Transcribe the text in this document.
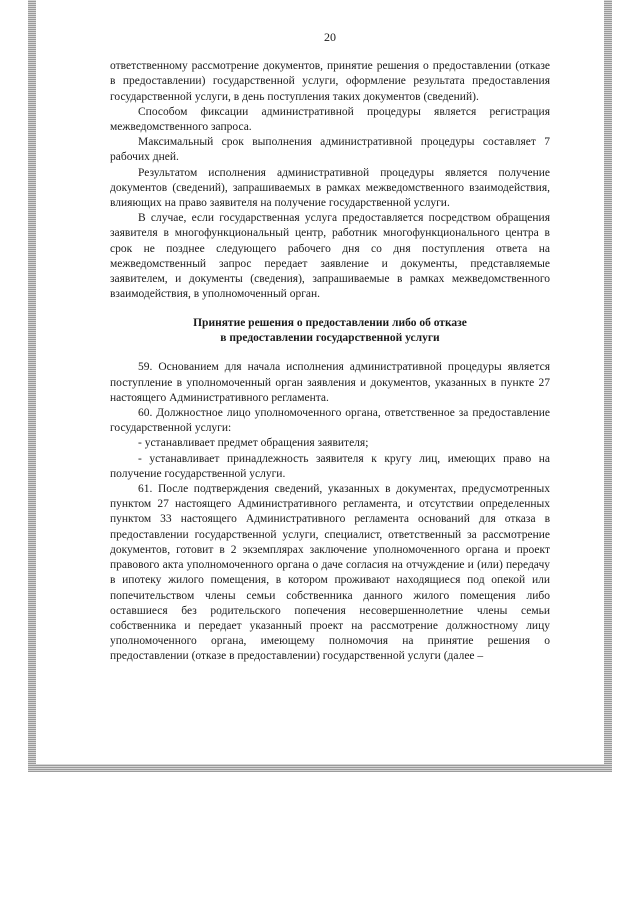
20

ответственному рассмотрение документов, принятие решения о предоставлении (отказе в предоставлении) государственной услуги, оформление результата предоставления государственной услуги, в день поступления таких документов (сведений).

Способом фиксации административной процедуры является регистрация межведомственного запроса.

Максимальный срок выполнения административной процедуры составляет 7 рабочих дней.

Результатом исполнения административной процедуры является получение документов (сведений), запрашиваемых в рамках межведомственного взаимодействия, влияющих на право заявителя на получение государственной услуги.

В случае, если государственная услуга предоставляется посредством обращения заявителя в многофункциональный центр, работник многофункционального центра в срок не позднее следующего рабочего дня со дня поступления ответа на межведомственный запрос передает заявление и документы, представляемые заявителем, и документы (сведения), запрашиваемые в рамках межведомственного взаимодействия, в уполномоченный орган.

Принятие решения о предоставлении либо об отказе
в предоставлении государственной услуги

59. Основанием для начала исполнения административной процедуры является поступление в уполномоченный орган заявления и документов, указанных в пункте 27 настоящего Административного регламента.

60. Должностное лицо уполномоченного органа, ответственное за предоставление государственной услуги:

- устанавливает предмет обращения заявителя;

- устанавливает принадлежность заявителя к кругу лиц, имеющих право на получение государственной услуги.

61. После подтверждения сведений, указанных в документах, предусмотренных пунктом 27 настоящего Административного регламента, и отсутствии определенных пунктом 33 настоящего Административного регламента оснований для отказа в предоставлении государственной услуги, специалист, ответственный за рассмотрение документов, готовит в 2 экземплярах заключение уполномоченного органа и проект правового акта уполномоченного органа о даче согласия на отчуждение и (или) передачу в ипотеку жилого помещения, в котором проживают находящиеся под опекой или попечительством члены семьи собственника данного жилого помещения либо оставшиеся без родительского попечения несовершеннолетние члены семьи собственника и передает указанный проект на рассмотрение должностному лицу уполномоченного органа, имеющему полномочия на принятие решения о предоставлении (отказе в предоставлении) государственной услуги (далее –
